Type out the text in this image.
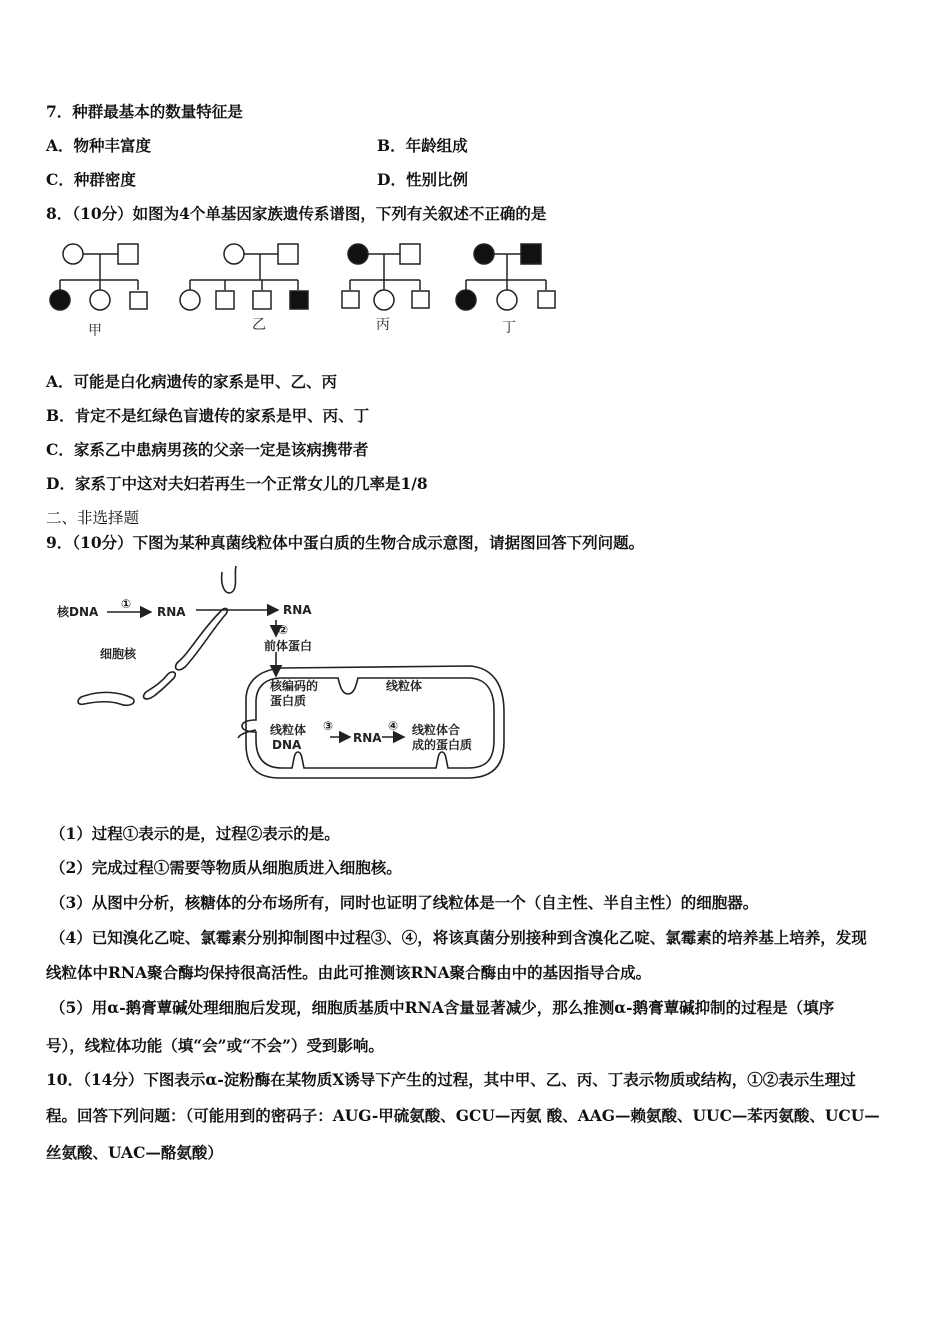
7．种群最基本的数量特征是
A．物种丰富度	B．年龄组成
C．种群密度	D．性别比例
8．（10分）如图为4个单基因家族遗传系谱图，下列有关叙述不正确的是
甲	乙	丙	丁
A．可能是白化病遗传的家系是甲、乙、丙
B．肯定不是红绿色盲遗传的家系是甲、丙、丁
C．家系乙中患病男孩的父亲一定是该病携带者
D．家系丁中这对夫妇若再生一个正常女儿的几率是1/8
二、非选择题
9．（10分）下图为某种真菌线粒体中蛋白质的生物合成示意图，请据图回答下列问题。
核DNA
①
RNA	RNA
②
前体蛋白
细胞核
核编码的
蛋白质
线粒体
线粒体
DNA
③
RNA
④ 线粒体合
成的蛋白质
（1）过程①表示的是，过程②表示的是。
（2）完成过程①需要等物质从细胞质进入细胞核。
（3）从图中分析，核糖体的分布场所有，同时也证明了线粒体是一个（自主性、半自主性）的细胞器。
（4）已知溴化乙啶、氯霉素分别抑制图中过程③、④，将该真菌分别接种到含溴化乙啶、氯霉素的培养基上培养，发现
线粒体中RNA聚合酶均保持很高活性。由此可推测该RNA聚合酶由中的基因指导合成。
（5）用α-鹅膏蕈碱处理细胞后发现，细胞质基质中RNA含量显著减少，那么推测α-鹅膏蕈碱抑制的过程是（填序
号），线粒体功能（填“会”或“不会”）受到影响。
10．（14分）下图表示α-淀粉酶在某物质X诱导下产生的过程，其中甲、乙、丙、丁表示物质或结构，①②表示生理过
程。回答下列问题：（可能用到的密码子：AUG-甲硫氨酸、GCU—丙氨 酸、AAG—赖氨酸、UUC—苯丙氨酸、UCU—
丝氨酸、UAC—酪氨酸）
